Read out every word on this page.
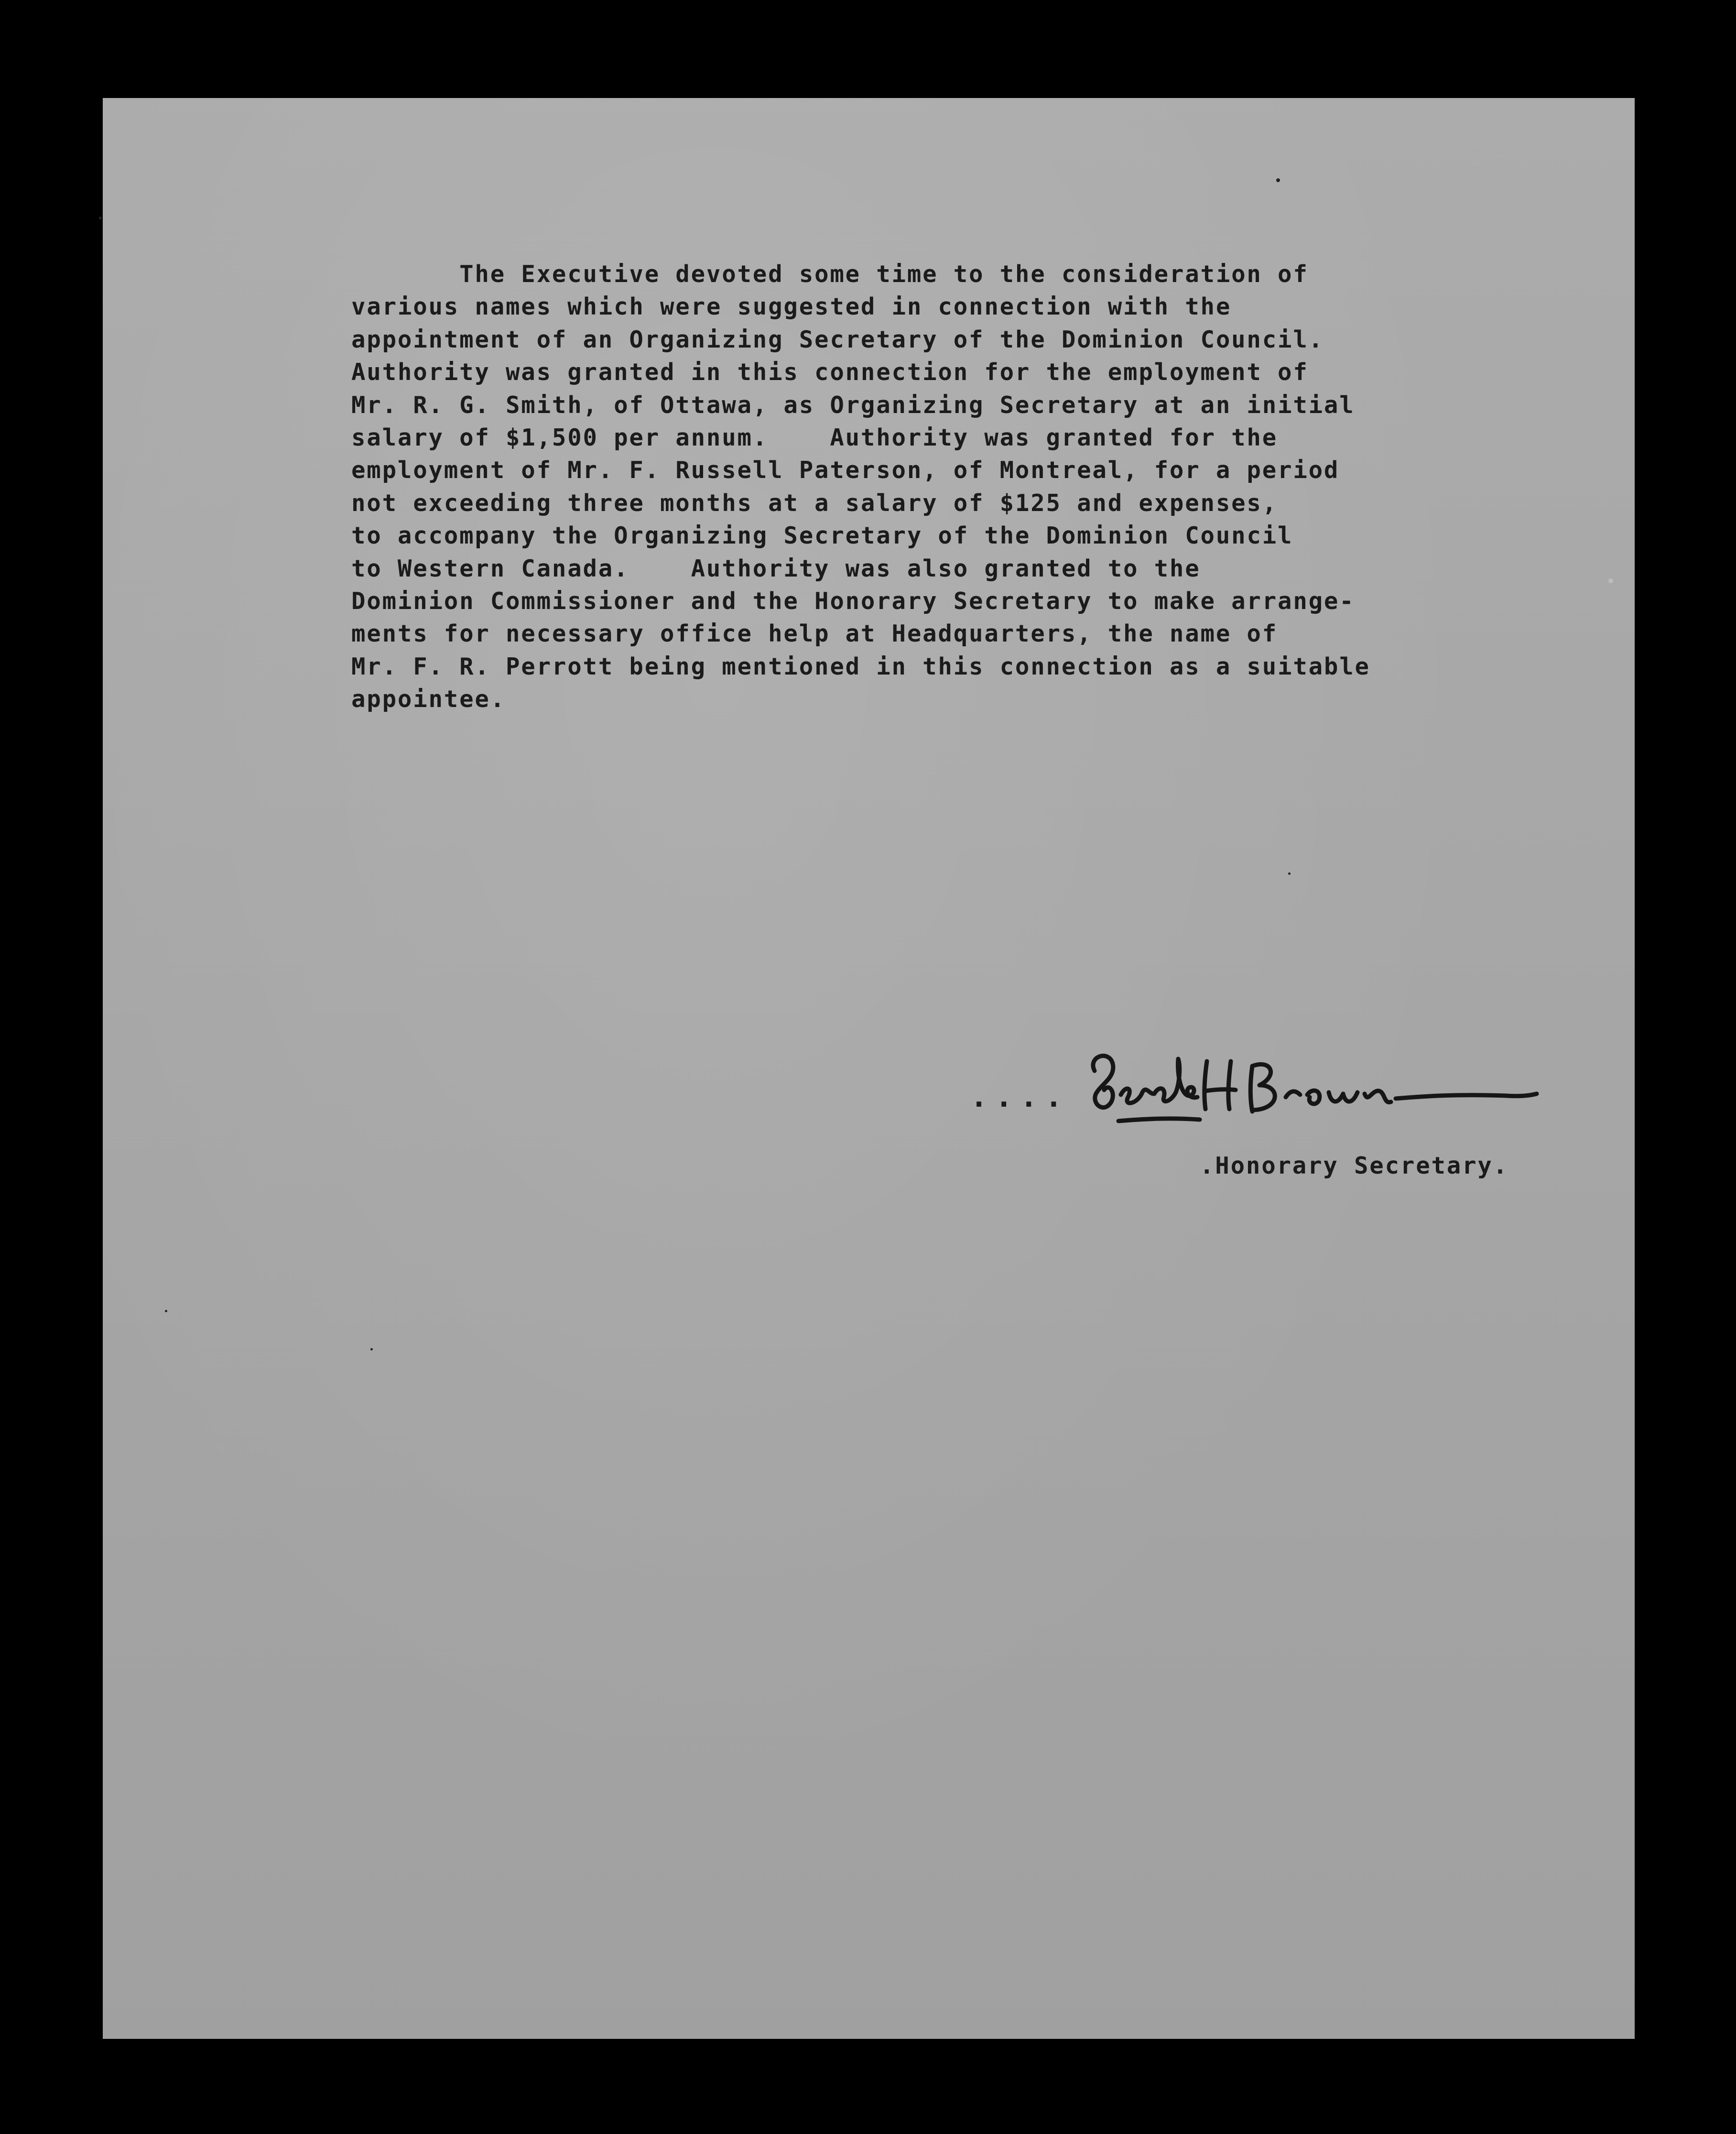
The Executive devoted some time to the consideration of
various names which were suggested in connection with the
appointment of an Organizing Secretary of the Dominion Council.
Authority was granted in this connection for the employment of
Mr. R. G. Smith, of Ottawa, as Organizing Secretary at an initial
salary of $1,500 per annum.    Authority was granted for the
employment of Mr. F. Russell Paterson, of Montreal, for a period
not exceeding three months at a salary of $125 and expenses,
to accompany the Organizing Secretary of the Dominion Council
to Western Canada.    Authority was also granted to the
Dominion Commissioner and the Honorary Secretary to make arrange-
ments for necessary office help at Headquarters, the name of
Mr. F. R. Perrott being mentioned in this connection as a suitable
appointee.
....
.Honorary Secretary.
